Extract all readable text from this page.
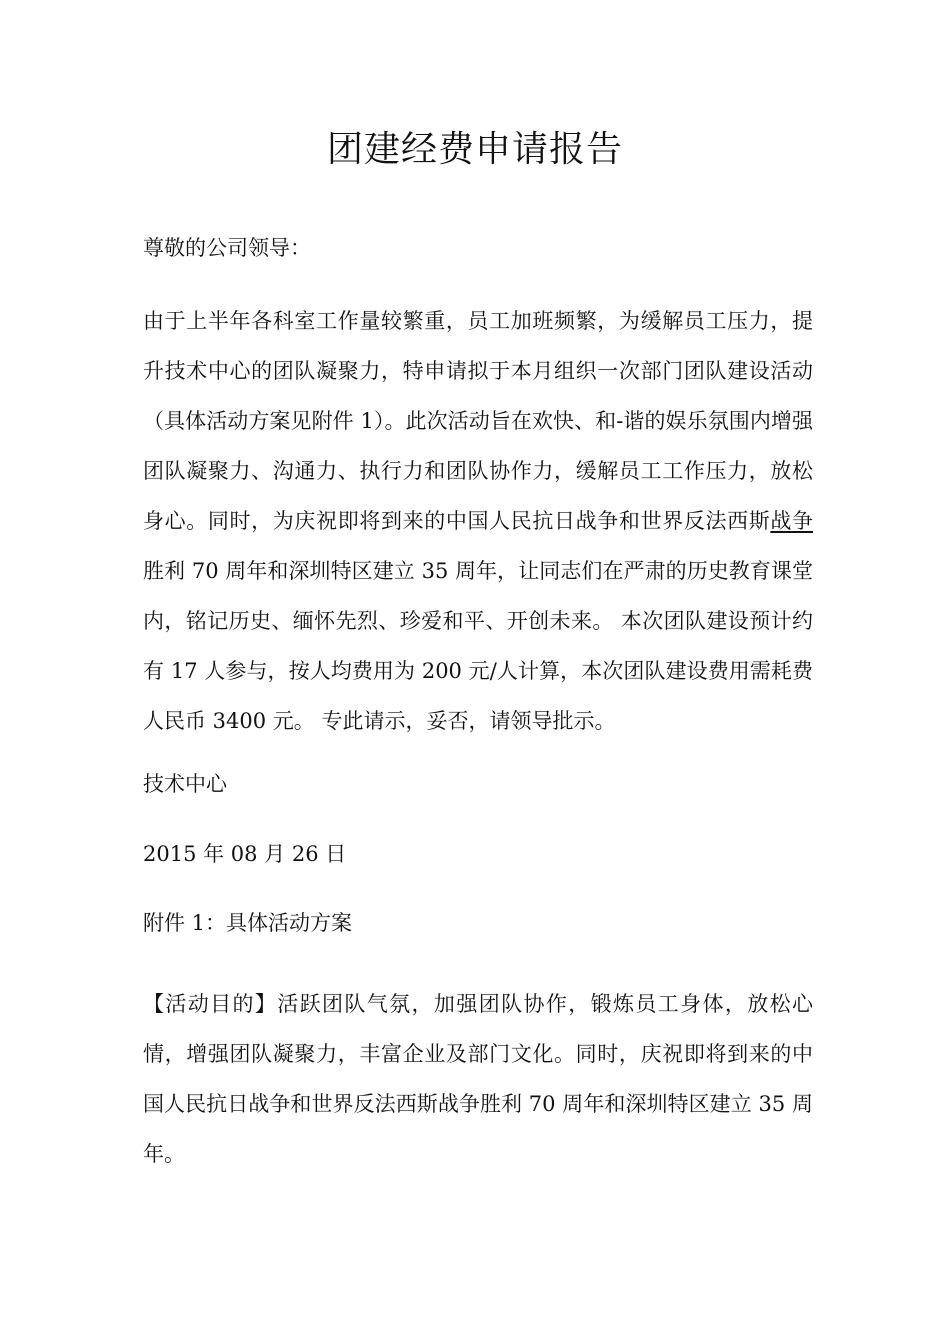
团建经费申请报告

尊敬的公司领导：

由于上半年各科室工作量较繁重，员工加班频繁，为缓解员工压力，提升技术中心的团队凝聚力，特申请拟于本月组织一次部门团队建设活动（具体活动方案见附件 1）。此次活动旨在欢快、和-谐的娱乐氛围内增强团队凝聚力、沟通力、执行力和团队协作力，缓解员工工作压力，放松身心。同时，为庆祝即将到来的中国人民抗日战争和世界反法西斯战争胜利 70 周年和深圳特区建立 35 周年，让同志们在严肃的历史教育课堂内，铭记历史、缅怀先烈、珍爱和平、开创未来。 本次团队建设预计约有 17 人参与，按人均费用为 200 元/人计算，本次团队建设费用需耗费人民币 3400 元。 专此请示，妥否，请领导批示。

技术中心

2015 年 08 月 26 日

附件 1：具体活动方案

【活动目的】活跃团队气氛，加强团队协作，锻炼员工身体，放松心情，增强团队凝聚力，丰富企业及部门文化。同时，庆祝即将到来的中国人民抗日战争和世界反法西斯战争胜利 70 周年和深圳特区建立 35 周年。
